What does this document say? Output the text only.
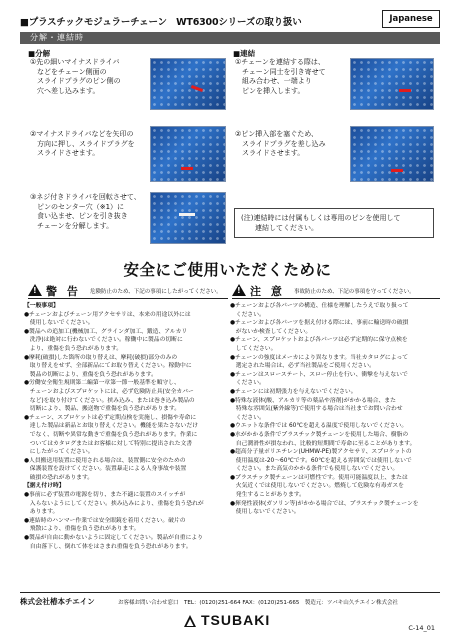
■プラスチックモジュラーチェーン　WT6300シリーズの取り扱い	Japanese
分解・連結時
■分解
①先の細いマイナスドライバ
　などをチェーン側面の
　スライドプラグのピン側の
　穴へ差し込みます。
②マイナスドライバなどを矢印の
　方向に押し、スライドプラグを
　スライドさせます。
③ネジ付きドライバを回転させて、
　ピンのセンター穴（※1）に
　食い込ませ、ピンを引き抜き
　チェーンを分解します。
■連結
①チェーンを連結する際は、
　チェーン同士を引き寄せて
　組み合わせ、一端より
　ピンを挿入します。
②ピン挿入部を塞ぐため、
　スライドプラグを差し込み
　スライドさせます。
(注)連結時には付属もしくは専用のピンを使用して
　　連結してください。
安全にご使用いただくために
!
警 告 危険防止のため、下記の事項にしたがってください。

【一般事項】

●チェーンおよびチェーン用アクセサリは、本来の用途以外には

　使用しないでください。

●製品への追加工(機械加工、グラインダ加工、鍛造、アルカリ

　洗浄)は絶対に行わないでください。稼働中に製品の切断に

　より、重傷を負う恐れがあります。

●摩耗(破損)した箇所の取り替えは、摩耗(破損)部分のみの

　取り替えをせず、全部新品にてお取り替えください。稼動中に

　製品の切断により、重傷を負う恐れがあります。

●労働安全衛生規則第二編第一章第一節一般基準を順守し、

　チェーンおよびスプロケットには、必ず危険防止具(安全カバー

　など)を取り付けてください。挟み込み、または巻き込み製品の

　切断により、製品、搬送物で重傷を負う恐れがあります。

●チェーン、スプロケットは必ず定期点検を実施し、損傷や寿命に

　達した製品は新品とお取り替えください。機能を果たさないだけ

　でなく、切断や異常な動きで重傷を負う恐れがあります。作業に

　ついてはカタログまたはお客様に対して特別に提出された文書

　にしたがってください。

●人員搬送用装置に使用される場合は、装置側に安全のための

　保護装置を設けてください。装置暴走による人身事故や装置

　破損の恐れがあります。

【据え付け時】

●事前に必ず装置の電源を切り、また不適に装置のスイッチが

　入らないようにしてください。挟み込みにより、重傷を負う恐れが

　あります。

●連結時のハンマー作業では安全眼鏡を着用ください。破片の

　飛散により、重傷を負う恐れがあります。

●製品が自由に動かないように固定してください。製品が自重により

　自由落下し、倒れて体をはさまれ重傷を負う恐れがあります。

!
注 意 事故防止のため、下記の事項を守ってください。

●チェーンおよび各パーツの構造、仕様を理解したうえで取り扱って

　ください。

●チェーンおよび各パーツを据え付ける際には、事前に輸送時の破損

　がないか検査してください。

●チェーン、スプロケットおよび各パーツは必ず定期的に保守点検を

　してください。

●チェーンの強度はメーカにより異なります。当社カタログによって

　選定された場合は、必ず当社製品をご使用ください。

●チェーンはスローステート、スロー停止を行い、衝撃を与えないで

　ください。

●チェーンには初期張力を与えないでください。

●特殊な液体(酸、アルカリ等の薬品や溶剤)がかかる場合、また

　特殊な雰囲気(紫外線等)で使用する場合は当社までお問い合わせ

　ください。

●ウエットな条件では 60℃を超える温度で使用しないでください。

●水がかかる条件でプラスチック製チェーンを使用した場合、樹脂の

　自己潤滑性が損なわれ、比較的短期間で寿命に至ることがあります。

●超高分子量ポリエチレン(UHMW-PE)製アクセサリ、スプロケットの

　使用温度は-20〜60℃です。60℃を超える雰囲気では使用しないで

　ください。また高気のかかる条件でも使用しないでください。

●プラスチック製チェーンは可燃性です。使用可能温度以上、または

　火気近くでは使用しないでください。燃焼して危険な有毒ガスを

　発生することがあります。

●揮発性液体(ガソリン等)がかかる場合では、プラスチック製チェーンを

　使用しないでください。

株式会社椿本チエイン	お客様お問い合わせ窓口　TEL：(0120)251-664 FAX：(0120)251-665　製造元：ツバキ山久チエイン株式会社
TSUBAKI	C-14_01
